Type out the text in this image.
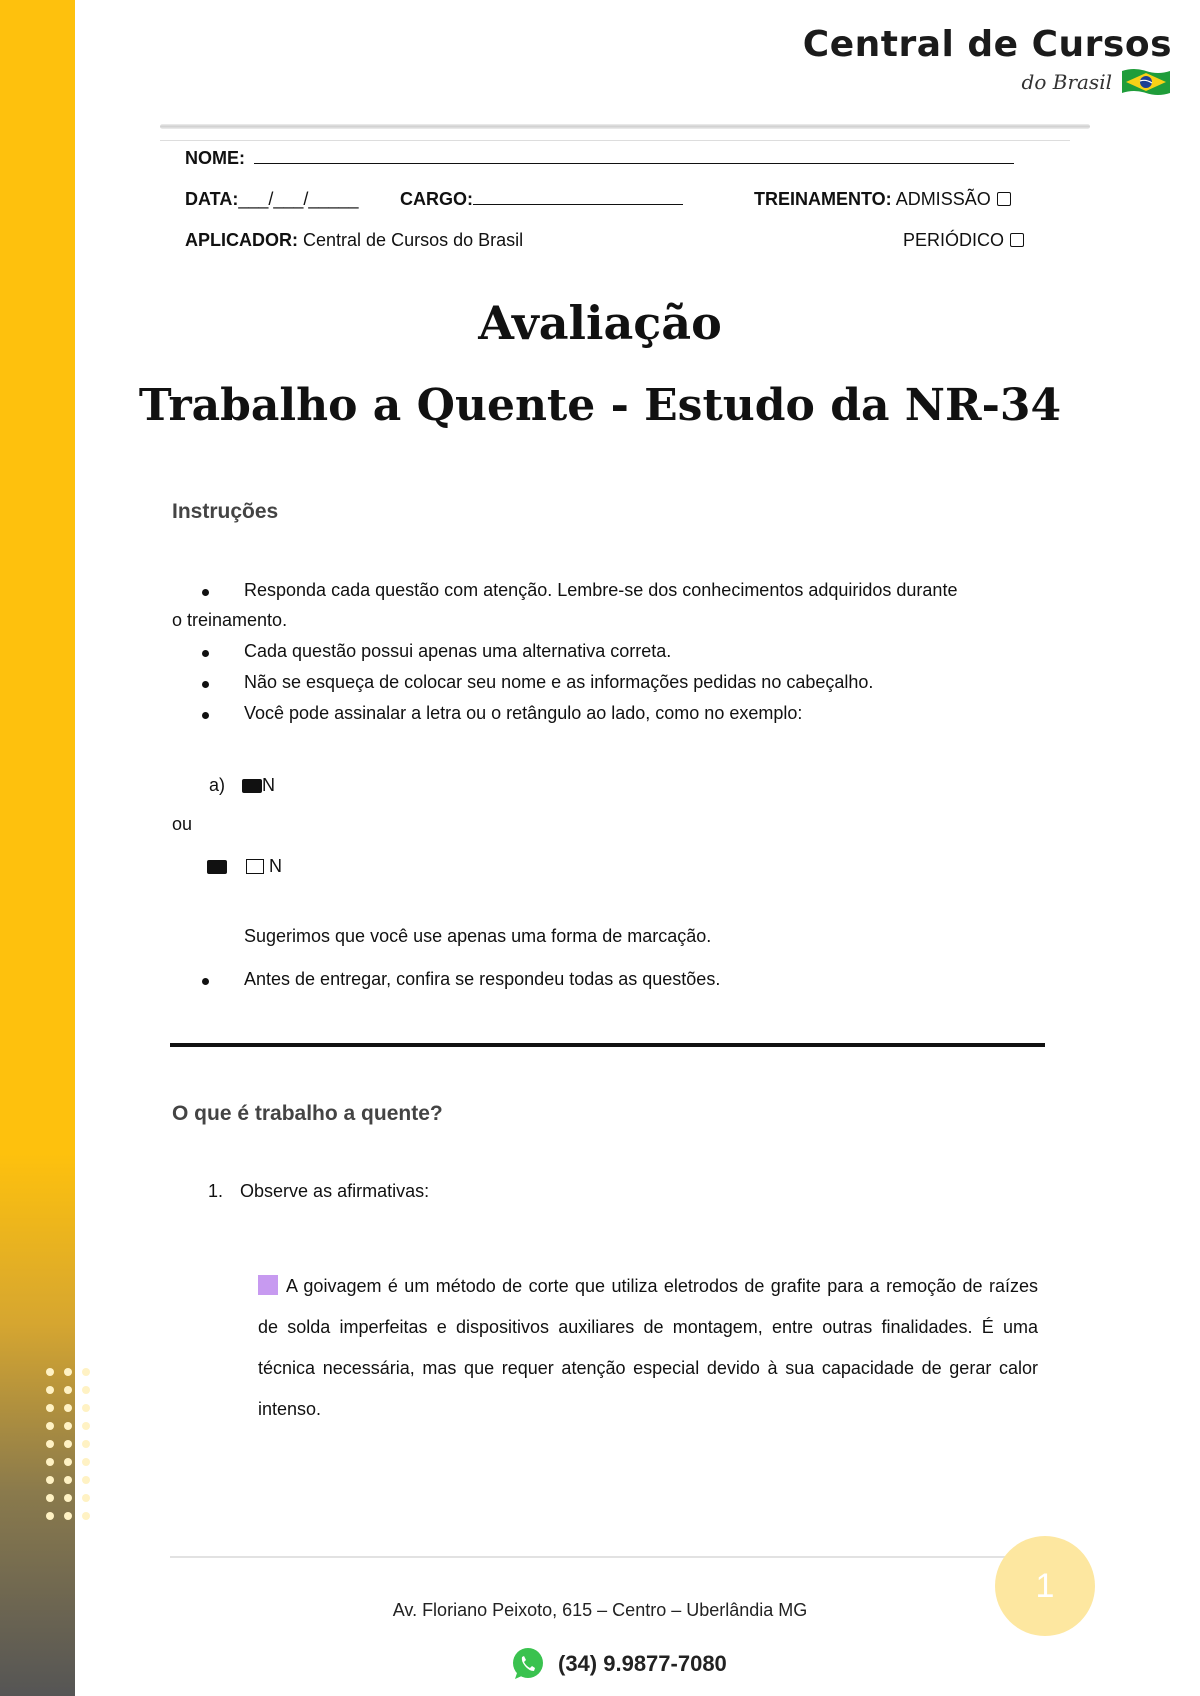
Central de Cursos
do Brasil
NOME:
DATA:___/___/_____ CARGO:	TREINAMENTO: ADMISSÃO
APLICADOR: Central de Cursos do Brasil	PERIÓDICO
Avaliação
Trabalho a Quente - Estudo da NR-34
Instruções
Responda cada questão com atenção. Lembre-se dos conhecimentos adquiridos durante
o treinamento.
Cada questão possui apenas uma alternativa correta.
Não se esqueça de colocar seu nome e as informações pedidas no cabeçalho.
Você pode assinalar a letra ou o retângulo ao lado, como no exemplo:
a) N
ou
N
Sugerimos que você use apenas uma forma de marcação.
Antes de entregar, confira se respondeu todas as questões.
O que é trabalho a quente?
1. Observe as afirmativas:
A goivagem é um método de corte que utiliza eletrodos de grafite para a remoção de raízes de solda imperfeitas e dispositivos auxiliares de montagem, entre outras finalidades. É uma técnica necessária, mas que requer atenção especial devido à sua capacidade de gerar calor intenso.
1
Av. Floriano Peixoto, 615 – Centro – Uberlândia MG
(34) 9.9877-7080
